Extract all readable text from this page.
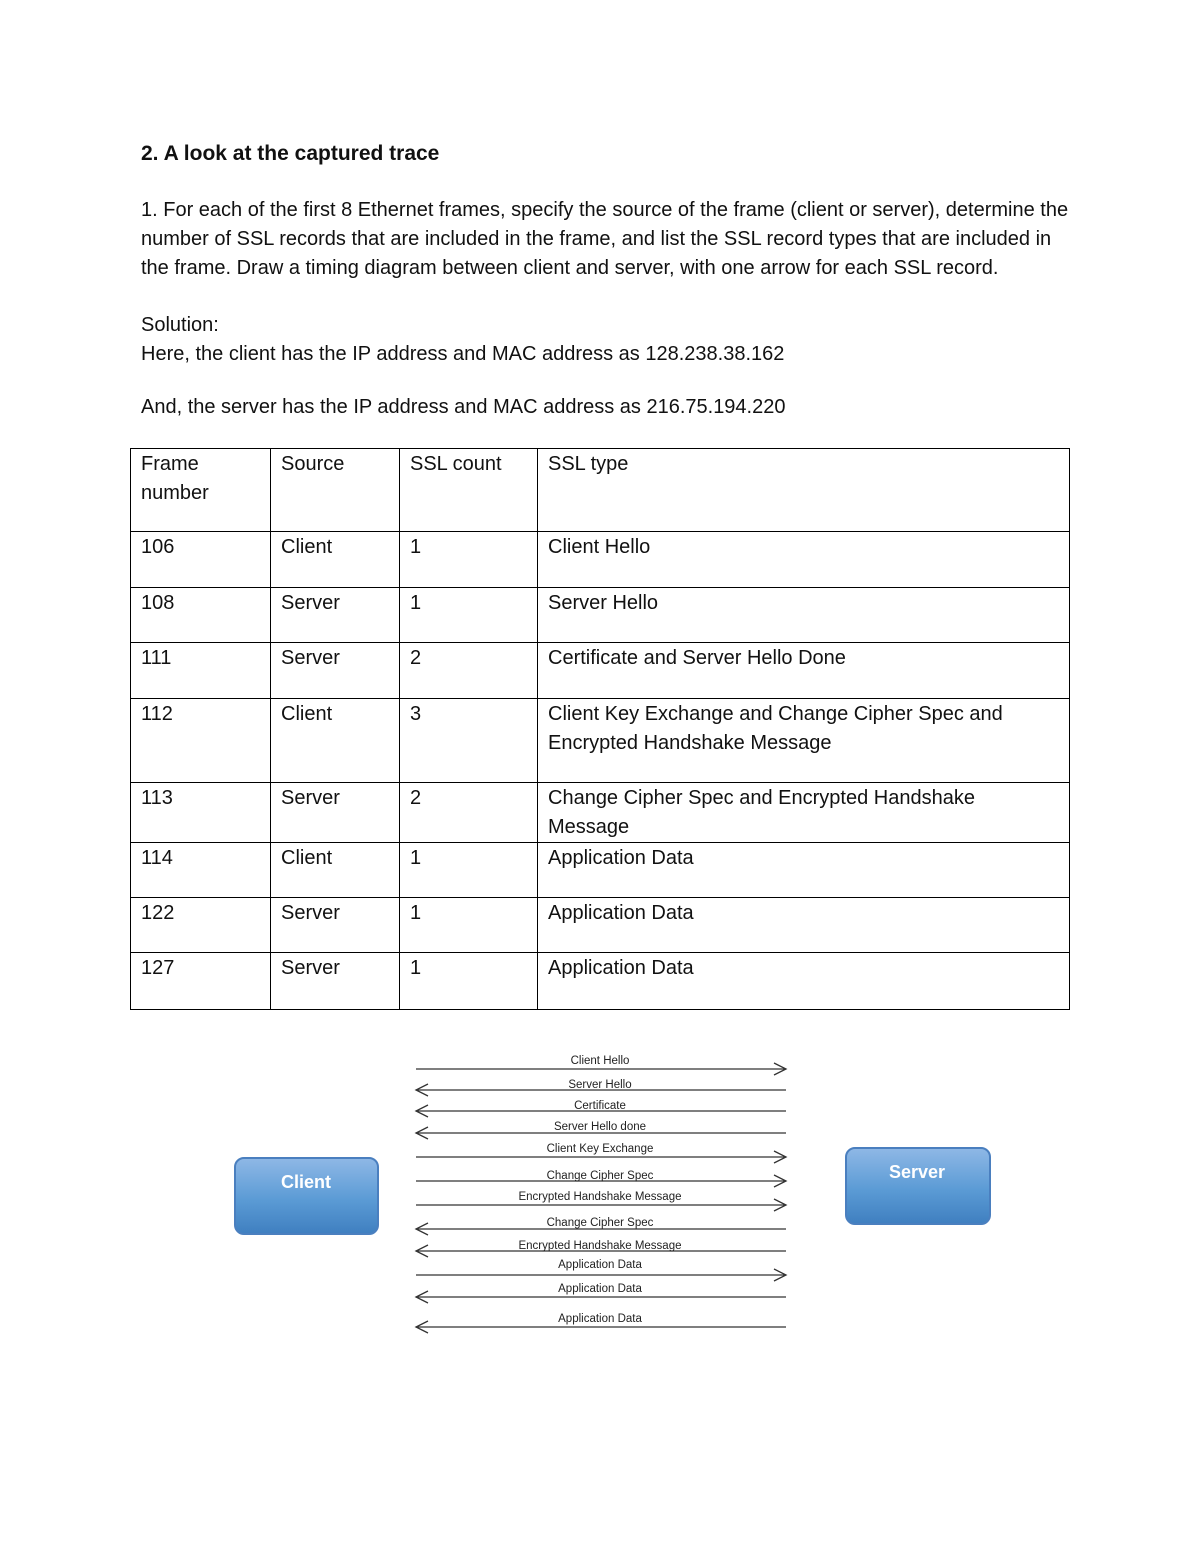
2. A look at the captured trace

1. For each of the first 8 Ethernet frames, specify the source of the frame (client or server), determine the number of SSL records that are included in the frame, and list the SSL record types that are included in the frame. Draw a timing diagram between client and server, with one arrow for each SSL record.

Solution:

Here, the client has the IP address and MAC address as 128.238.38.162

And, the server has the IP address and MAC address as 216.75.194.220

Frame number	Source	SSL count	SSL type
106	Client	1	Client Hello
108	Server	1	Server Hello
111	Server	2	Certificate and Server Hello Done
112	Client	3	Client Key Exchange and Change Cipher Spec and Encrypted Handshake Message
113	Server	2	Change Cipher Spec and Encrypted Handshake Message
114	Client	1	Application Data
122	Server	1	Application Data
127	Server	1	Application Data
Client	Server
Client Hello
Server Hello
Certificate
Server Hello done
Client Key Exchange
Change Cipher Spec
Encrypted Handshake Message
Change Cipher Spec
Encrypted Handshake Message
Application Data
Application Data
Application Data
